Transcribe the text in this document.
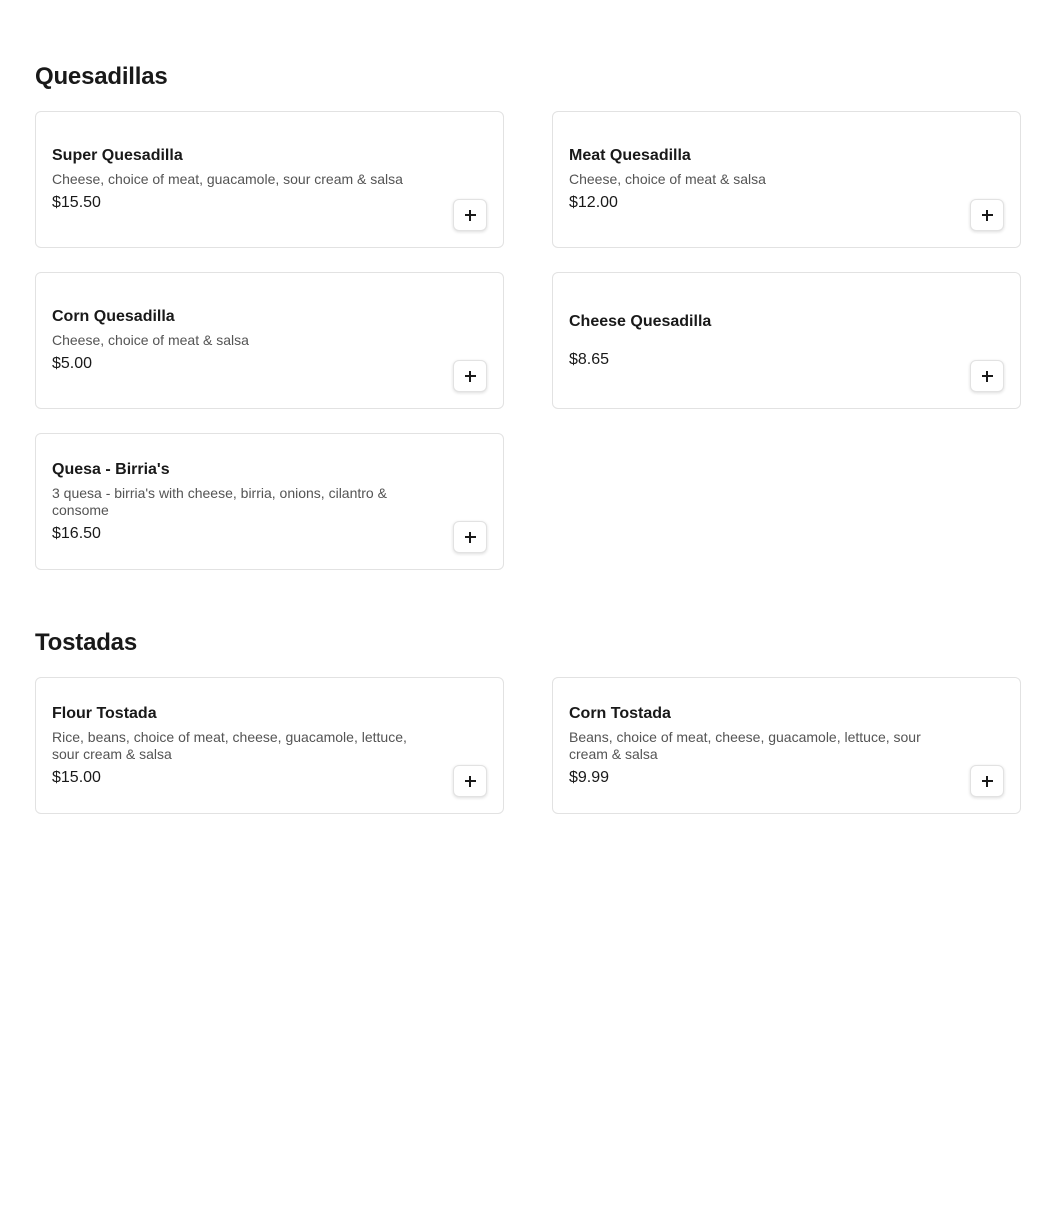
Quesadillas
Super Quesadilla
Cheese, choice of meat, guacamole, sour cream & salsa
$15.50
Meat Quesadilla
Cheese, choice of meat & salsa
$12.00
Corn Quesadilla
Cheese, choice of meat & salsa
$5.00
Cheese Quesadilla
$8.65
Quesa - Birria's
3 quesa - birria's with cheese, birria, onions, cilantro & consome
$16.50
Tostadas
Flour Tostada
Rice, beans, choice of meat, cheese, guacamole, lettuce, sour cream & salsa
$15.00
Corn Tostada
Beans, choice of meat, cheese, guacamole, lettuce, sour cream & salsa
$9.99
